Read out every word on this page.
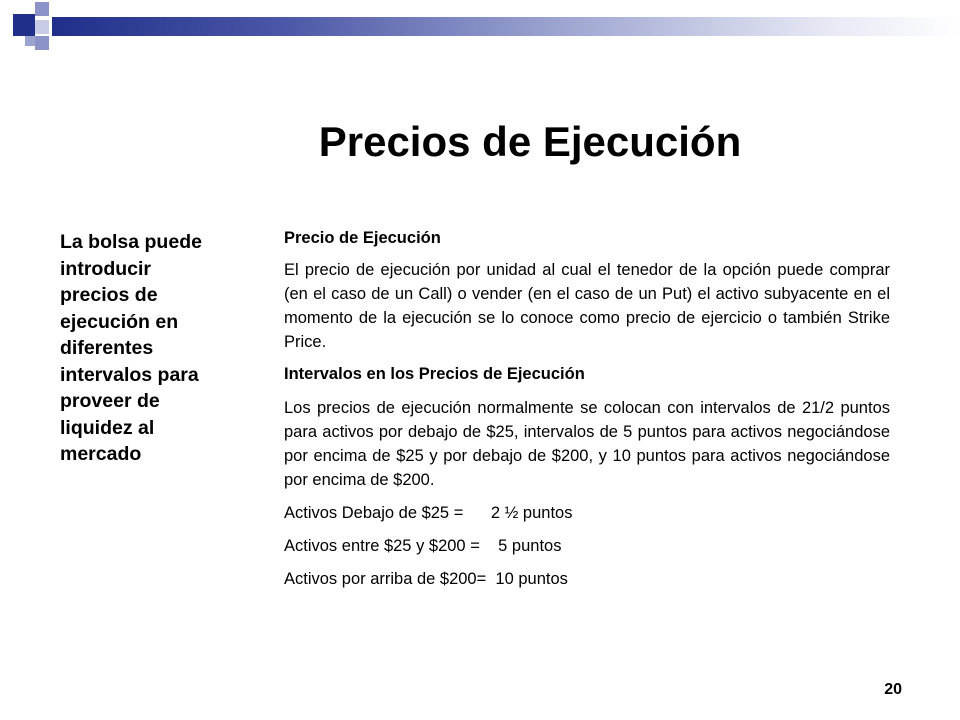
Precios de Ejecución
La bolsa puede introducir precios de ejecución en diferentes intervalos para proveer de liquidez al mercado

Precio de Ejecución

El precio de ejecución por unidad al cual el tenedor de la opción puede comprar (en el caso de un Call) o vender (en el caso de un Put) el activo subyacente en el momento de la ejecución se lo conoce como precio de ejercicio o también Strike Price.

Intervalos en los Precios de Ejecución

Los precios de ejecución normalmente se colocan con intervalos de 21/2 puntos para activos por debajo de $25, intervalos de 5 puntos para activos negociándose por encima de $25 y por debajo de $200, y 10 puntos para activos negociándose por encima de $200.

Activos Debajo de $25 =      2 ½ puntos

Activos entre $25 y $200 =    5 puntos

Activos por arriba de $200=  10 puntos

20
